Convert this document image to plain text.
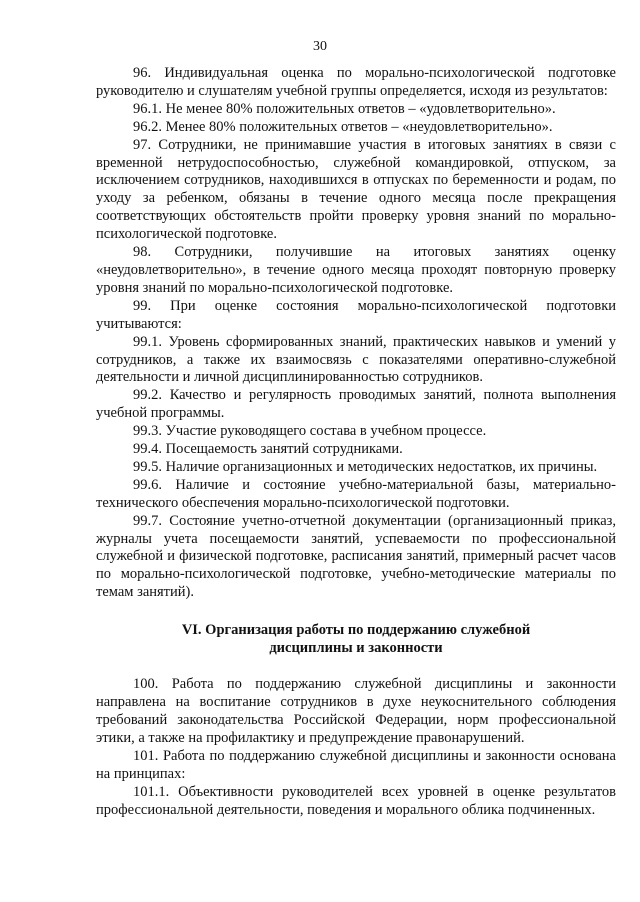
30

96. Индивидуальная оценка по морально-психологической подготовке руководителю и слушателям учебной группы определяется, исходя из результатов:

96.1. Не менее 80% положительных ответов – «удовлетворительно».

96.2. Менее 80% положительных ответов – «неудовлетворительно».

97. Сотрудники, не принимавшие участия в итоговых занятиях в связи с временной нетрудоспособностью, служебной командировкой, отпуском, за исключением сотрудников, находившихся в отпусках по беременности и родам, по уходу за ребенком, обязаны в течение одного месяца после прекращения соответствующих обстоятельств пройти проверку уровня знаний по морально-психологической подготовке.

98. Сотрудники, получившие на итоговых занятиях оценку «неудовлетворительно», в течение одного месяца проходят повторную проверку уровня знаний по морально-психологической подготовке.

99. При оценке состояния морально-психологической подготовки учитываются:

99.1. Уровень сформированных знаний, практических навыков и умений у сотрудников, а также их взаимосвязь с показателями оперативно-служебной деятельности и личной дисциплинированностью сотрудников.

99.2. Качество и регулярность проводимых занятий, полнота выполнения учебной программы.

99.3. Участие руководящего состава в учебном процессе.

99.4. Посещаемость занятий сотрудниками.

99.5. Наличие организационных и методических недостатков, их причины.

99.6. Наличие и состояние учебно-материальной базы, материально-технического обеспечения морально-психологической подготовки.

99.7. Состояние учетно-отчетной документации (организационный приказ, журналы учета посещаемости занятий, успеваемости по профессиональной служебной и физической подготовке, расписания занятий, примерный расчет часов по морально-психологической подготовке, учебно-методические материалы по темам занятий).

VI. Организация работы по поддержанию служебной
дисциплины и законности

100. Работа по поддержанию служебной дисциплины и законности направлена на воспитание сотрудников в духе неукоснительного соблюдения требований законодательства Российской Федерации, норм профессиональной этики, а также на профилактику и предупреждение правонарушений.

101. Работа по поддержанию служебной дисциплины и законности основана на принципах:

101.1. Объективности руководителей всех уровней в оценке результатов профессиональной деятельности, поведения и морального облика подчиненных.
